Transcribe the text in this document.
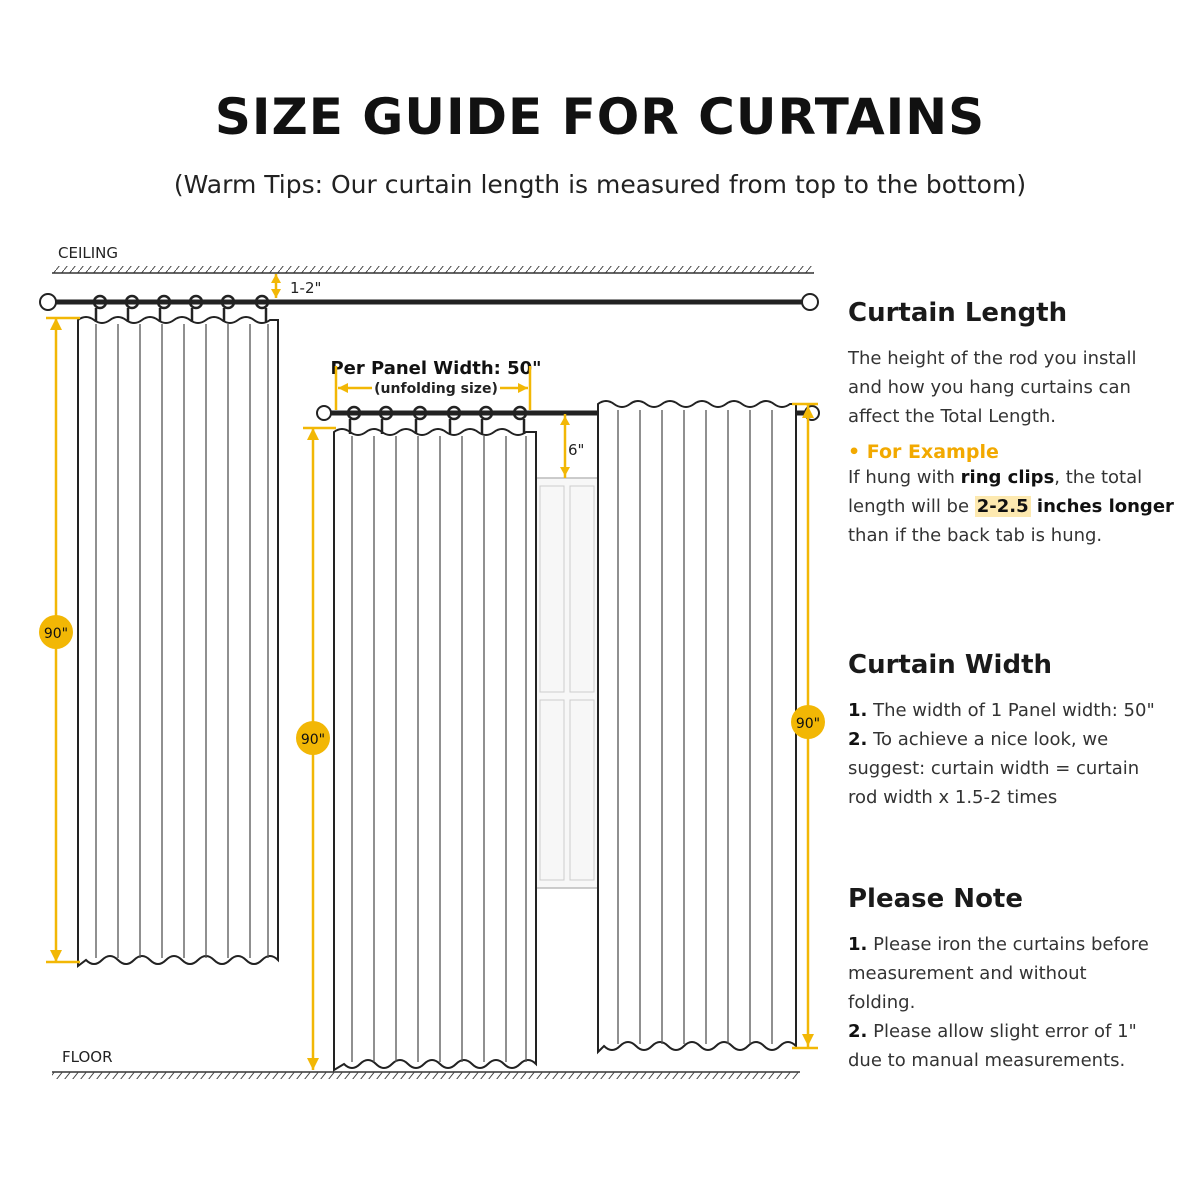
SIZE GUIDE FOR CURTAINS
(Warm Tips: Our curtain length is measured from top to the bottom)
CEILING
FLOOR
90"
1-2"
Per Panel Width: 50"
(unfolding size)
90"
6"
90"

Curtain Length

The height of the rod you install

and how you hang curtains can

affect the Total Length.

• For Example

If hung with ring clips, the total

length will be 2-2.5 inches longer

than if the back tab is hung.

Curtain Width

1. The width of 1 Panel width: 50"

2. To achieve a nice look, we

suggest: curtain width = curtain

rod width x 1.5-2 times

Please Note

1. Please iron the curtains before

measurement and without

folding.

2. Please allow slight error of 1"

due to manual measurements.
